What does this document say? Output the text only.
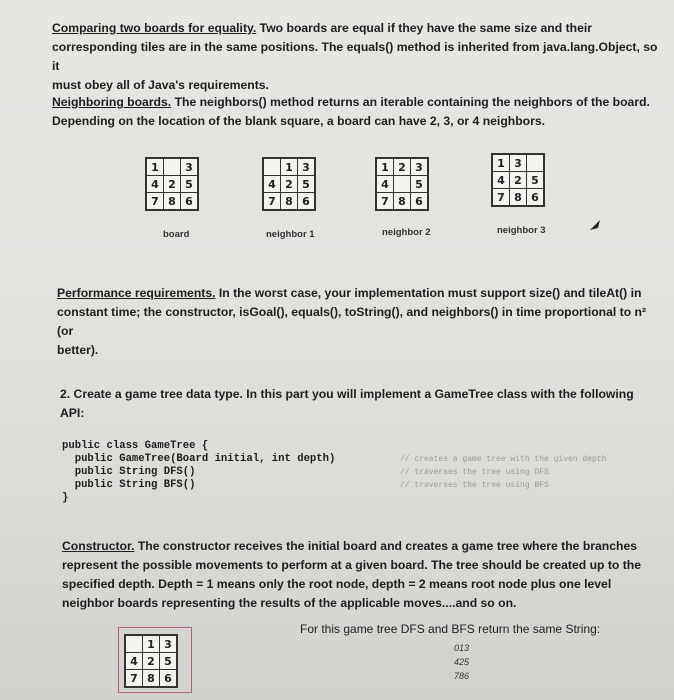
Comparing two boards for equality. Two boards are equal if they have the same size and their
corresponding tiles are in the same positions. The equals() method is inherited from java.lang.Object, so it
must obey all of Java's requirements.
Neighboring boards. The neighbors() method returns an iterable containing the neighbors of the board.
Depending on the location of the blank square, a board can have 2, 3, or 4 neighbors.
1		3
4	2	5
7	8	6
board
	1	3
4	2	5
7	8	6
neighbor 1
1	2	3
4		5
7	8	6
neighbor 2
1	3	
4	2	5
7	8	6
neighbor 3
Performance requirements. In the worst case, your implementation must support size() and tileAt() in
constant time; the constructor, isGoal(), equals(), toString(), and neighbors() in time proportional to n² (or
better).
2. Create a game tree data type. In this part you will implement a GameTree class with the following
API:
public class GameTree {
public GameTree(Board initial, int depth)
public String DFS()
public String BFS()
}
// creates a game tree with the given depth
// traverses the tree using DFS
// traverses the tree using BFS
Constructor. The constructor receives the initial board and creates a game tree where the branches
represent the possible movements to perform at a given board. The tree should be created up to the
specified depth. Depth = 1 means only the root node, depth = 2 means root node plus one level
neighbor boards representing the results of the applicable moves....and so on.
	1	3
4	2	5
7	8	6
For this game tree DFS and BFS return the same String:
013
425
786
